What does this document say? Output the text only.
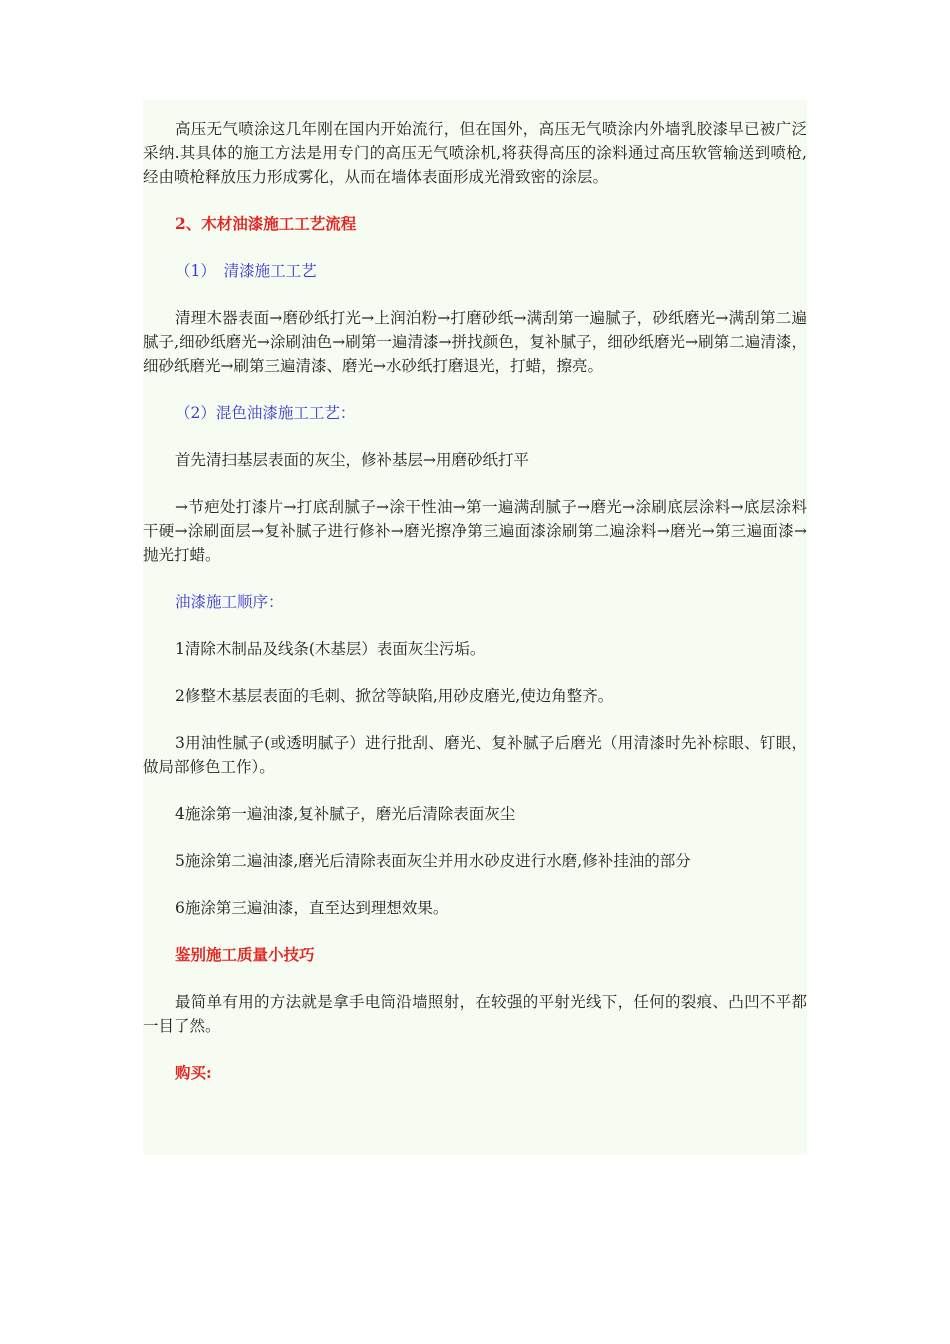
高压无气喷涂这几年刚在国内开始流行，但在国外，高压无气喷涂内外墙乳胶漆早已被广泛采纳.其具体的施工方法是用专门的高压无气喷涂机,将获得高压的涂料通过高压软管输送到喷枪,经由喷枪释放压力形成雾化，从而在墙体表面形成光滑致密的涂层。

2、木材油漆施工工艺流程

（1）　清漆施工工艺

清理木器表面→磨砂纸打光→上润泊粉→打磨砂纸→满刮第一遍腻子，砂纸磨光→满刮第二遍腻子,细砂纸磨光→涂刷油色→刷第一遍清漆→拼找颜色，复补腻子，细砂纸磨光→刷第二遍清漆，细砂纸磨光→刷第三遍清漆、磨光→水砂纸打磨退光，打蜡，擦亮。

（2）混色油漆施工工艺：

首先清扫基层表面的灰尘，修补基层→用磨砂纸打平

→节疤处打漆片→打底刮腻子→涂干性油→第一遍满刮腻子→磨光→涂刷底层涂料→底层涂料干硬→涂刷面层→复补腻子进行修补→磨光擦净第三遍面漆涂刷第二遍涂料→磨光→第三遍面漆→抛光打蜡。

油漆施工顺序：

1清除木制品及线条(木基层）表面灰尘污垢。

2修整木基层表面的毛刺、掀岔等缺陷,用砂皮磨光,使边角整齐。

3用油性腻子(或透明腻子）进行批刮、磨光、复补腻子后磨光（用清漆时先补棕眼、钉眼，做局部修色工作）。

4施涂第一遍油漆,复补腻子，磨光后清除表面灰尘

5施涂第二遍油漆,磨光后清除表面灰尘并用水砂皮进行水磨,修补挂油的部分

6施涂第三遍油漆，直至达到理想效果。

鉴别施工质量小技巧

最简单有用的方法就是拿手电筒沿墙照射，在较强的平射光线下，任何的裂痕、凸凹不平都一目了然。

购买:
